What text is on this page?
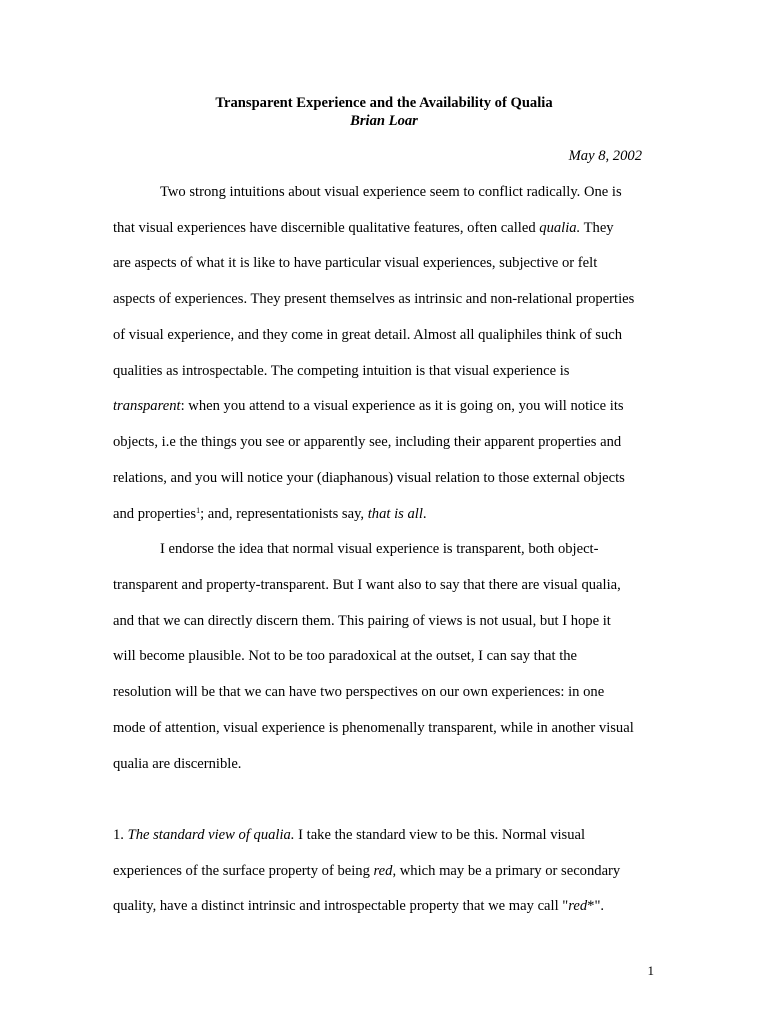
Transparent Experience and the Availability of Qualia
Brian Loar
May 8, 2002
Two strong intuitions about visual experience seem to conflict radically. One is
that visual experiences have discernible qualitative features, often called qualia. They
are aspects of what it is like to have particular visual experiences, subjective or felt
aspects of experiences. They present themselves as intrinsic and non-relational properties
of visual experience, and they come in great detail. Almost all qualiphiles think of such
qualities as introspectable. The competing intuition is that visual experience is
transparent: when you attend to a visual experience as it is going on, you will notice its
objects, i.e the things you see or apparently see, including their apparent properties and
relations, and you will notice your (diaphanous) visual relation to those external objects
and properties$^1$; and, representationists say, that is all.
I endorse the idea that normal visual experience is transparent, both object-
transparent and property-transparent. But I want also to say that there are visual qualia,
and that we can directly discern them. This pairing of views is not usual, but I hope it
will become plausible. Not to be too paradoxical at the outset, I can say that the
resolution will be that we can have two perspectives on our own experiences: in one
mode of attention, visual experience is phenomenally transparent, while in another visual
qualia are discernible.
1. The standard view of qualia. I take the standard view to be this. Normal visual
experiences of the surface property of being red, which may be a primary or secondary
quality, have a distinct intrinsic and introspectable property that we may call "red*".
1
